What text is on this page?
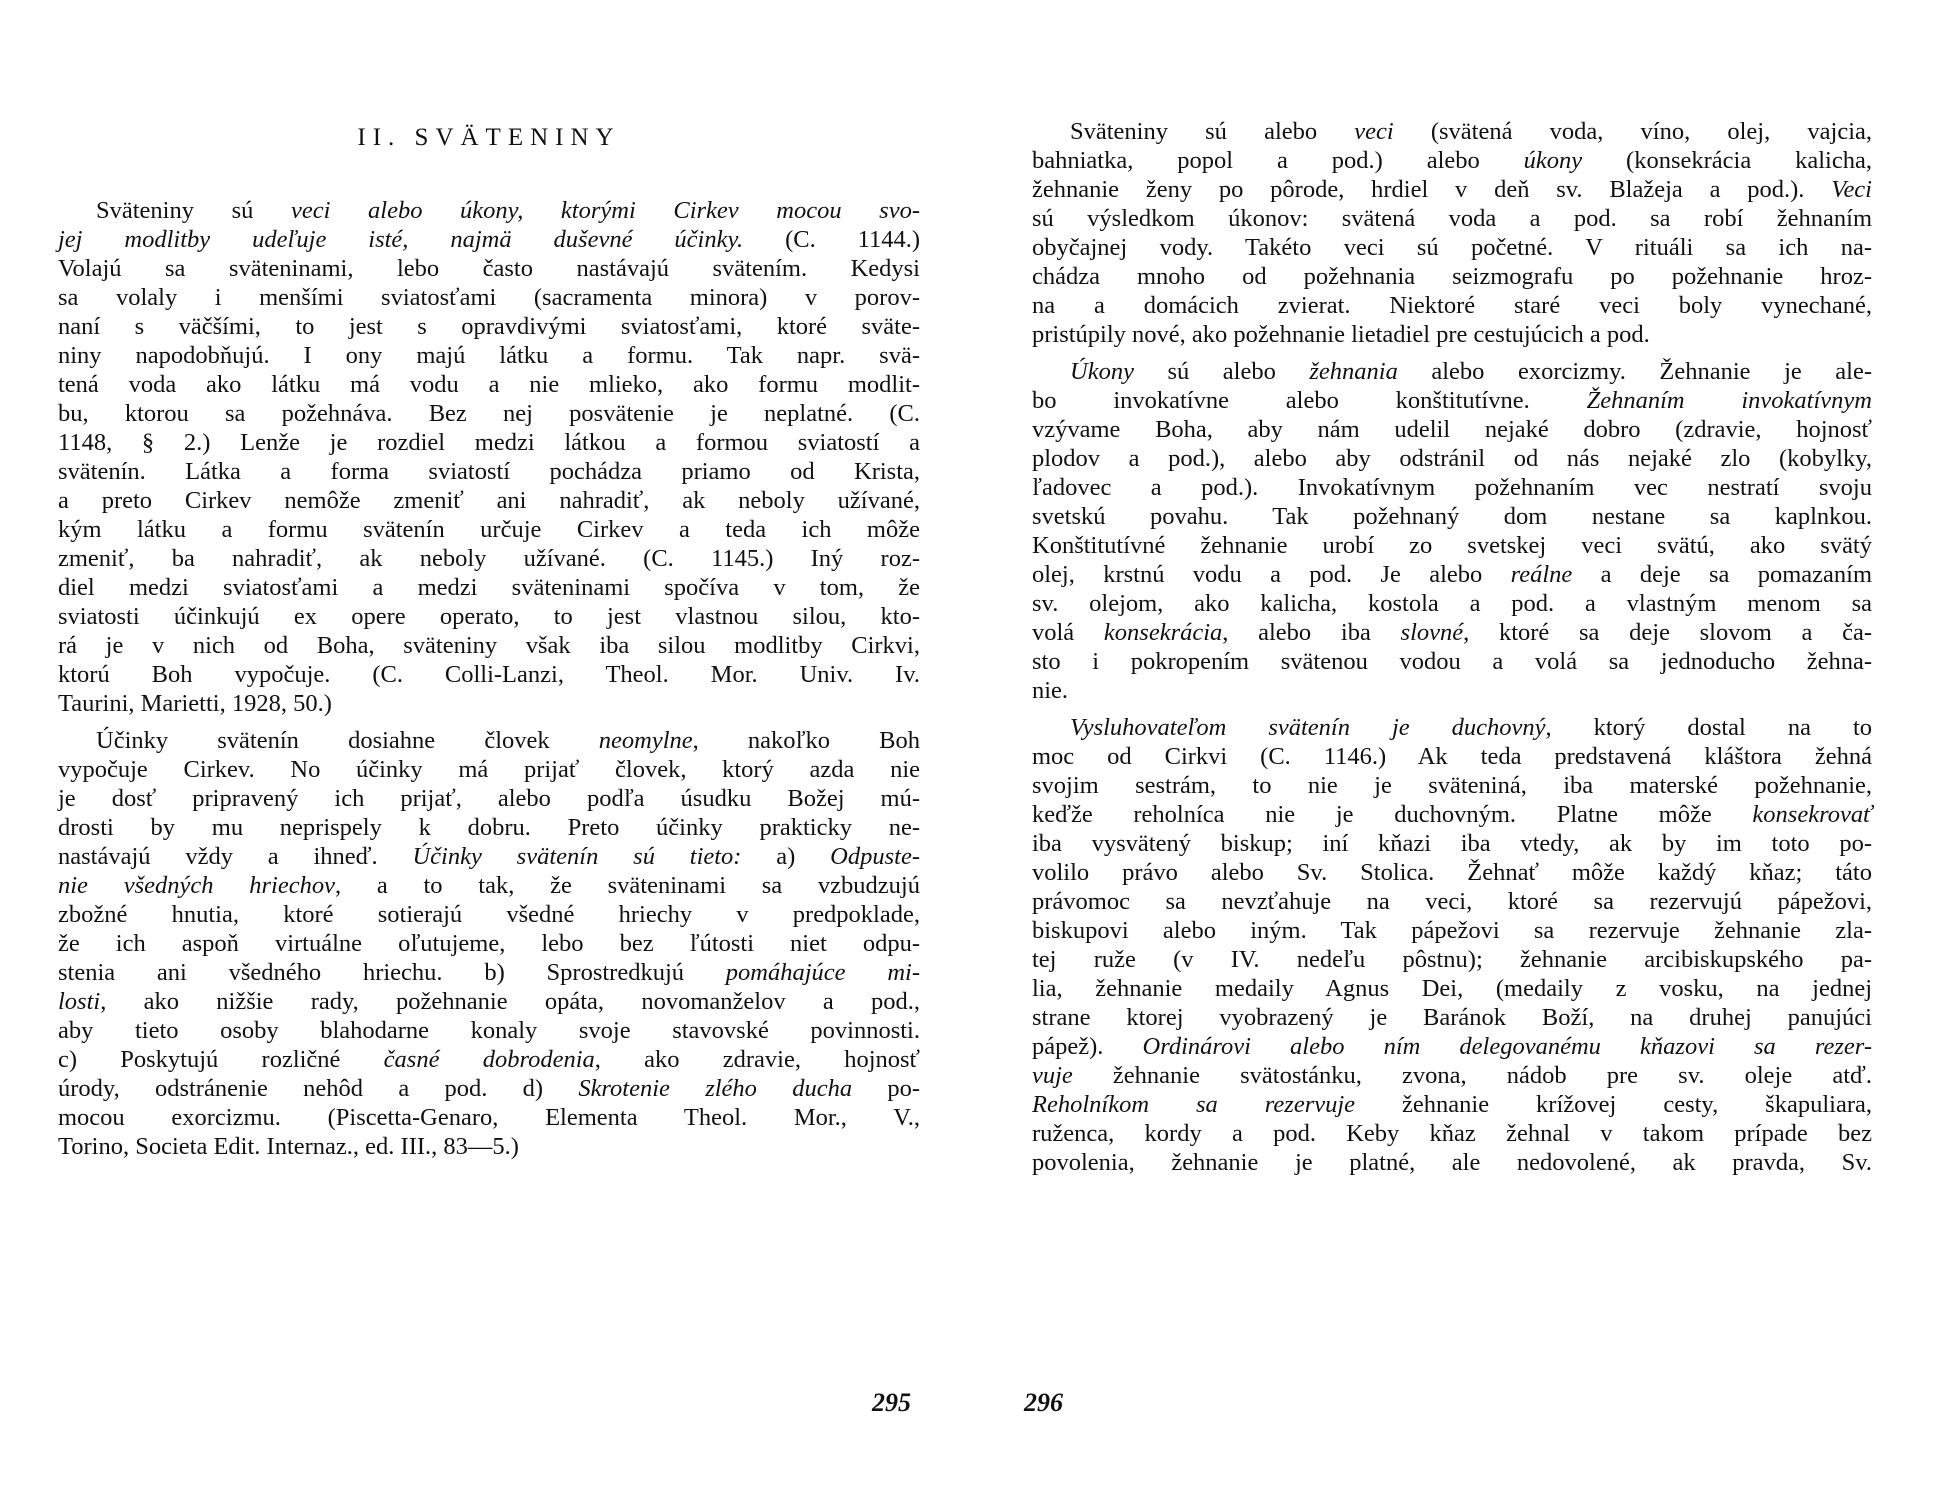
II. SVÄTENINY
Sväteniny sú veci alebo úkony, ktorými Cirkev mocou svo-
jej modlitby udeľuje isté, najmä duševné účinky. (C. 1144.)
Volajú sa sväteninami, lebo často nastávajú svätením. Kedysi
sa volaly i menšími sviatosťami (sacramenta minora) v porov-
naní s väčšími, to jest s opravdivými sviatosťami, ktoré sväte-
niny napodobňujú. I ony majú látku a formu. Tak napr. svä-
tená voda ako látku má vodu a nie mlieko, ako formu modlit-
bu, ktorou sa požehnáva. Bez nej posvätenie je neplatné. (C.
1148, § 2.) Lenže je rozdiel medzi látkou a formou sviatostí a
svätenín. Látka a forma sviatostí pochádza priamo od Krista,
a preto Cirkev nemôže zmeniť ani nahradiť, ak neboly užívané,
kým látku a formu svätenín určuje Cirkev a teda ich môže
zmeniť, ba nahradiť, ak neboly užívané. (C. 1145.) Iný roz-
diel medzi sviatosťami a medzi sväteninami spočíva v tom, že
sviatosti účinkujú ex opere operato, to jest vlastnou silou, kto-
rá je v nich od Boha, sväteniny však iba silou modlitby Cirkvi,
ktorú Boh vypočuje. (C. Colli-Lanzi, Theol. Mor. Univ. Iv.
Taurini, Marietti, 1928, 50.)
Účinky svätenín dosiahne človek neomylne, nakoľko Boh
vypočuje Cirkev. No účinky má prijať človek, ktorý azda nie
je dosť pripravený ich prijať, alebo podľa úsudku Božej mú-
drosti by mu neprispely k dobru. Preto účinky prakticky ne-
nastávajú vždy a ihneď. Účinky svätenín sú tieto: a) Odpuste-
nie všedných hriechov, a to tak, že sväteninami sa vzbudzujú
zbožné hnutia, ktoré sotierajú všedné hriechy v predpoklade,
že ich aspoň virtuálne oľutujeme, lebo bez ľútosti niet odpu-
stenia ani všedného hriechu. b) Sprostredkujú pomáhajúce mi-
losti, ako nižšie rady, požehnanie opáta, novomanželov a pod.,
aby tieto osoby blahodarne konaly svoje stavovské povinnosti.
c) Poskytujú rozličné časné dobrodenia, ako zdravie, hojnosť
úrody, odstránenie nehôd a pod. d) Skrotenie zlého ducha po-
mocou exorcizmu. (Piscetta-Genaro, Elementa Theol. Mor., V.,
Torino, Societa Edit. Internaz., ed. III., 83—5.)
295
Sväteniny sú alebo veci (svätená voda, víno, olej, vajcia,
bahniatka, popol a pod.) alebo úkony (konsekrácia kalicha,
žehnanie ženy po pôrode, hrdiel v deň sv. Blažeja a pod.). Veci
sú výsledkom úkonov: svätená voda a pod. sa robí žehnaním
obyčajnej vody. Takéto veci sú početné. V rituáli sa ich na-
chádza mnoho od požehnania seizmografu po požehnanie hroz-
na a domácich zvierat. Niektoré staré veci boly vynechané,
pristúpily nové, ako požehnanie lietadiel pre cestujúcich a pod.
Úkony sú alebo žehnania alebo exorcizmy. Žehnanie je ale-
bo invokatívne alebo konštitutívne. Žehnaním invokatívnym
vzývame Boha, aby nám udelil nejaké dobro (zdravie, hojnosť
plodov a pod.), alebo aby odstránil od nás nejaké zlo (kobylky,
ľadovec a pod.). Invokatívnym požehnaním vec nestratí svoju
svetskú povahu. Tak požehnaný dom nestane sa kaplnkou.
Konštitutívné žehnanie urobí zo svetskej veci svätú, ako svätý
olej, krstnú vodu a pod. Je alebo reálne a deje sa pomazaním
sv. olejom, ako kalicha, kostola a pod. a vlastným menom sa
volá konsekrácia, alebo iba slovné, ktoré sa deje slovom a ča-
sto i pokropením svätenou vodou a volá sa jednoducho žehna-
nie.
Vysluhovateľom svätenín je duchovný, ktorý dostal na to
moc od Cirkvi (C. 1146.) Ak teda predstavená kláštora žehná
svojim sestrám, to nie je sväteniná, iba materské požehnanie,
keďže reholníca nie je duchovným. Platne môže konsekrovať
iba vysvätený biskup; iní kňazi iba vtedy, ak by im toto po-
volilo právo alebo Sv. Stolica. Žehnať môže každý kňaz; táto
právomoc sa nevzťahuje na veci, ktoré sa rezervujú pápežovi,
biskupovi alebo iným. Tak pápežovi sa rezervuje žehnanie zla-
tej ruže (v IV. nedeľu pôstnu); žehnanie arcibiskupského pa-
lia, žehnanie medaily Agnus Dei, (medaily z vosku, na jednej
strane ktorej vyobrazený je Baránok Boží, na druhej panujúci
pápež). Ordinárovi alebo ním delegovanému kňazovi sa rezer-
vuje žehnanie svätostánku, zvona, nádob pre sv. oleje atď.
Reholníkom sa rezervuje žehnanie krížovej cesty, škapuliara,
ruženca, kordy a pod. Keby kňaz žehnal v takom prípade bez
povolenia, žehnanie je platné, ale nedovolené, ak pravda, Sv.
296
